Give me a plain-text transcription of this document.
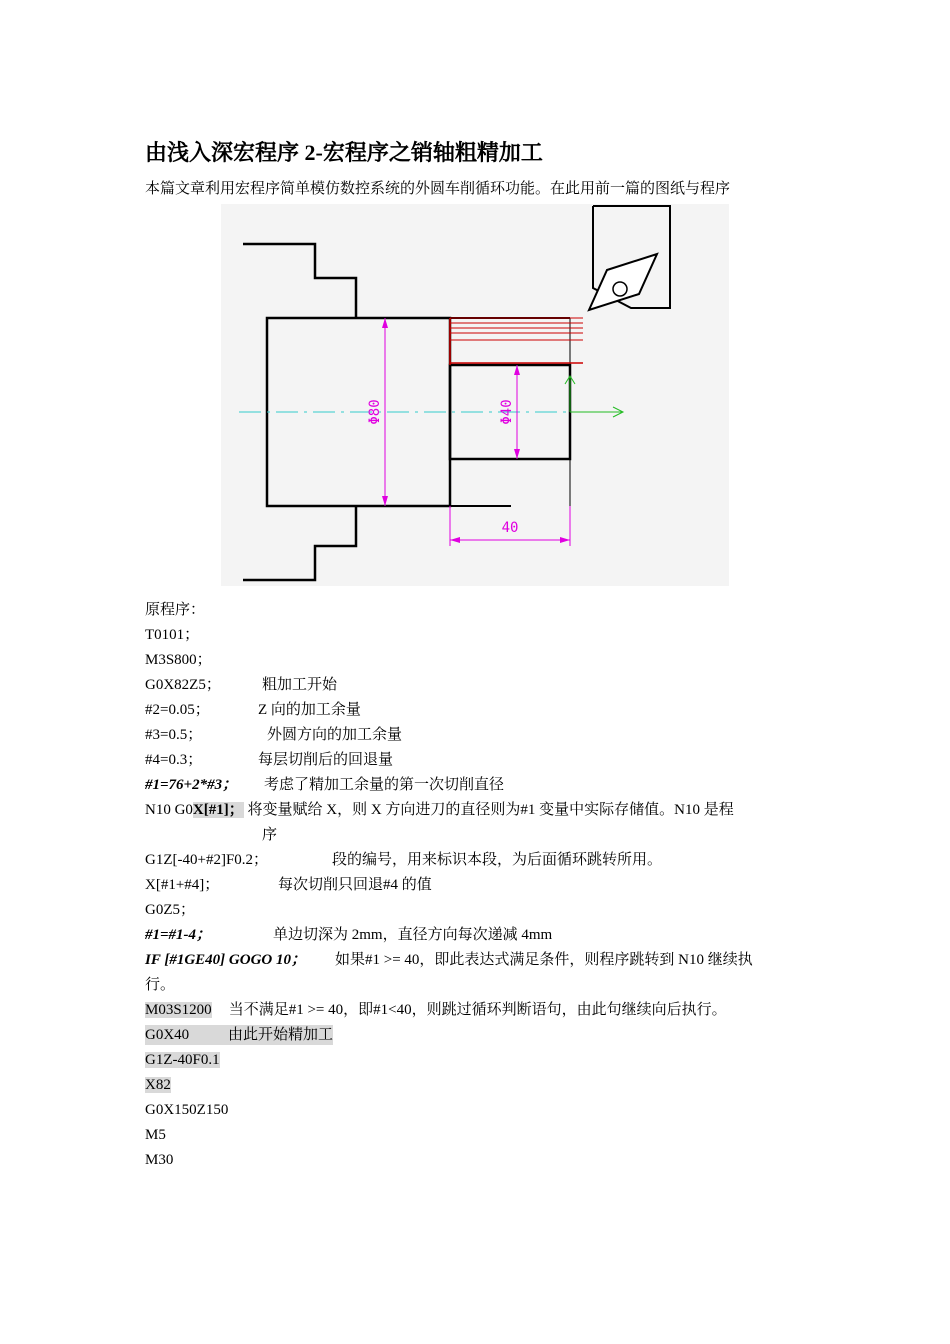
由浅入深宏程序 2-宏程序之销轴粗精加工
本篇文章利用宏程序简单模仿数控系统的外圆车削循环功能。在此用前一篇的图纸与程序
Φ80	Φ40
40
原程序：
T0101；
M3S800；
G0X82Z5；	粗加工开始
#2=0.05；	Z 向的加工余量
#3=0.5；	外圆方向的加工余量
#4=0.3；	每层切削后的回退量
#1=76+2*#3； 考虑了精加工余量的第一次切削直径
N10 G0X[#1]； 将变量赋给 X，则 X 方向进刀的直径则为#1 变量中实际存储值。N10 是程
序
G1Z[-40+#2]F0.2；	段的编号，用来标识本段，为后面循环跳转所用。
X[#1+#4]；	每次切削只回退#4 的值
G0Z5；
#1=#1-4；	单边切深为 2mm，直径方向每次递减 4mm
IF [#1GE40] GOGO 10； 如果#1 >= 40，即此表达式满足条件，则程序跳转到 N10 继续执
行。
M03S1200 当不满足#1 >= 40，即#1<40，则跳过循环判断语句，由此句继续向后执行。
G0X40	由此开始精加工
G1Z-40F0.1
X82
G0X150Z150
M5
M30
